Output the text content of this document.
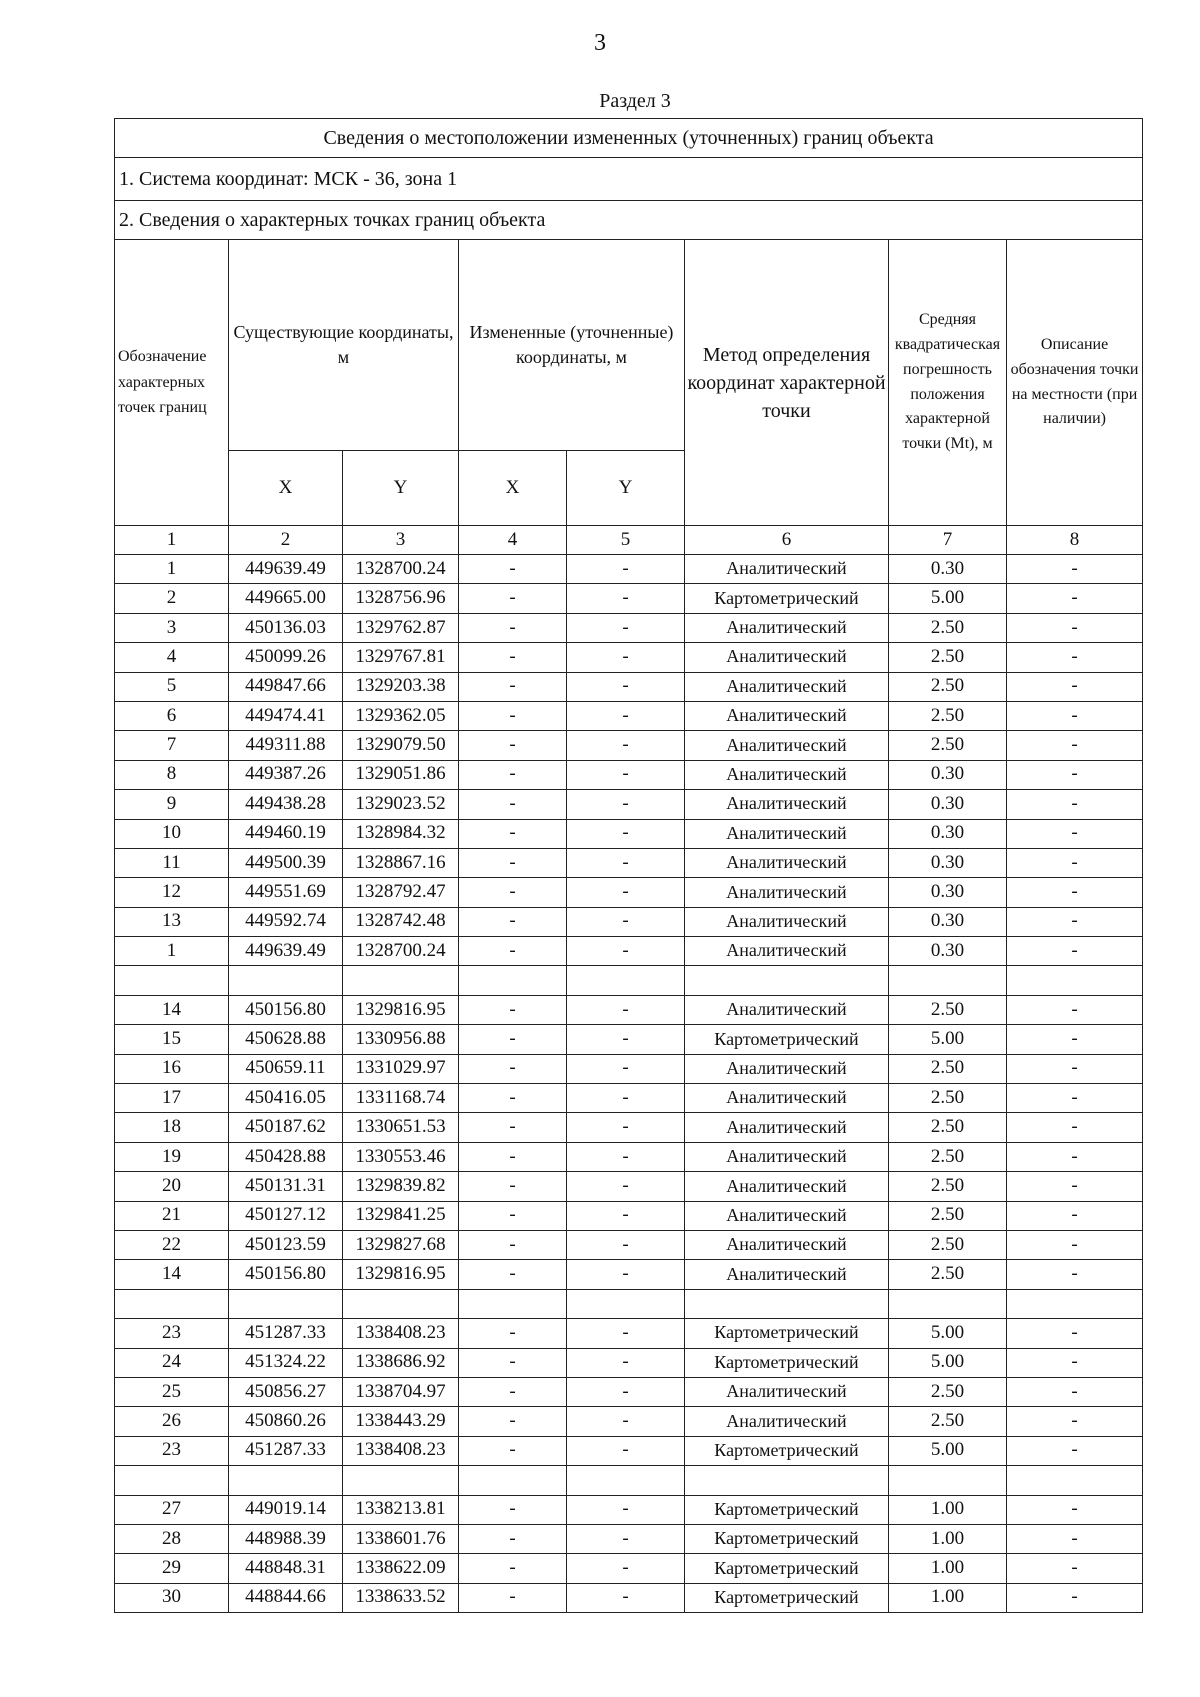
3
Раздел 3
Сведения о местоположении измененных (уточненных) границ объекта							
1. Система координат: МСК - 36, зона 1							
2. Сведения о характерных точках границ объекта							
Обозначение характерных точек границ	Существующие координаты, м		Измененные (уточненные) координаты, м		Метод определения координат характерной точки	Средняя квадратическая погрешность положения характерной точки (Mt), м	Описание обозначения точки на местности (при наличии)
	X	Y	X	Y			
1	2	3	4	5	6	7	8
1	449639.49	1328700.24	-	-	Аналитический	0.30	-
2	449665.00	1328756.96	-	-	Картометрический	5.00	-
3	450136.03	1329762.87	-	-	Аналитический	2.50	-
4	450099.26	1329767.81	-	-	Аналитический	2.50	-
5	449847.66	1329203.38	-	-	Аналитический	2.50	-
6	449474.41	1329362.05	-	-	Аналитический	2.50	-
7	449311.88	1329079.50	-	-	Аналитический	2.50	-
8	449387.26	1329051.86	-	-	Аналитический	0.30	-
9	449438.28	1329023.52	-	-	Аналитический	0.30	-
10	449460.19	1328984.32	-	-	Аналитический	0.30	-
11	449500.39	1328867.16	-	-	Аналитический	0.30	-
12	449551.69	1328792.47	-	-	Аналитический	0.30	-
13	449592.74	1328742.48	-	-	Аналитический	0.30	-
1	449639.49	1328700.24	-	-	Аналитический	0.30	-

14	450156.80	1329816.95	-	-	Аналитический	2.50	-
15	450628.88	1330956.88	-	-	Картометрический	5.00	-
16	450659.11	1331029.97	-	-	Аналитический	2.50	-
17	450416.05	1331168.74	-	-	Аналитический	2.50	-
18	450187.62	1330651.53	-	-	Аналитический	2.50	-
19	450428.88	1330553.46	-	-	Аналитический	2.50	-
20	450131.31	1329839.82	-	-	Аналитический	2.50	-
21	450127.12	1329841.25	-	-	Аналитический	2.50	-
22	450123.59	1329827.68	-	-	Аналитический	2.50	-
14	450156.80	1329816.95	-	-	Аналитический	2.50	-

23	451287.33	1338408.23	-	-	Картометрический	5.00	-
24	451324.22	1338686.92	-	-	Картометрический	5.00	-
25	450856.27	1338704.97	-	-	Аналитический	2.50	-
26	450860.26	1338443.29	-	-	Аналитический	2.50	-
23	451287.33	1338408.23	-	-	Картометрический	5.00	-

27	449019.14	1338213.81	-	-	Картометрический	1.00	-
28	448988.39	1338601.76	-	-	Картометрический	1.00	-
29	448848.31	1338622.09	-	-	Картометрический	1.00	-
30	448844.66	1338633.52	-	-	Картометрический	1.00	-
